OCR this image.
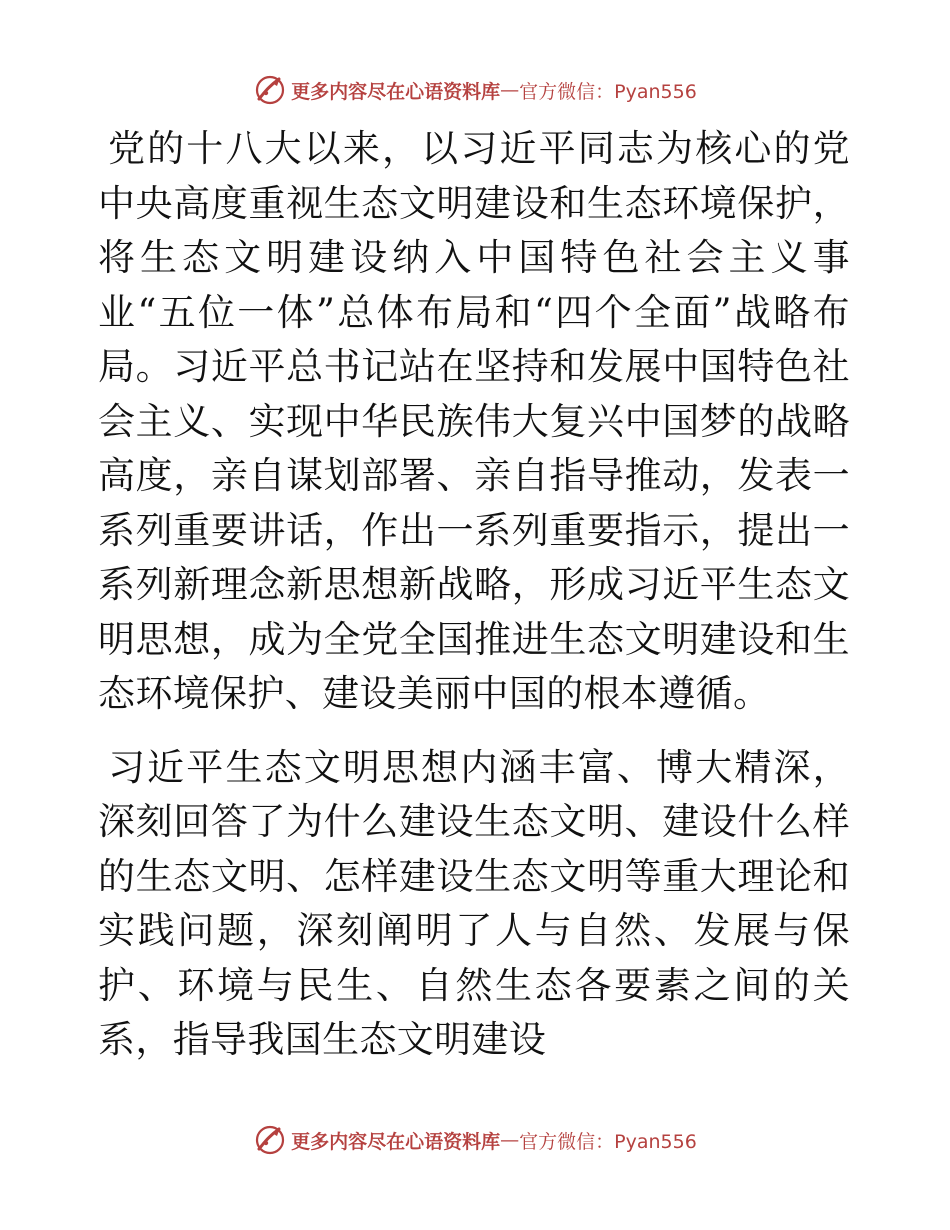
更多内容尽在心语资料库 — 官方微信：Pyan556

党的十八大以来，以习近平同志为核心的党中央高度重视生态文明建设和生态环境保护，将生态文明建设纳入中国特色社会主义事业“五位一体”总体布局和“四个全面”战略布局。习近平总书记站在坚持和发展中国特色社会主义、实现中华民族伟大复兴中国梦的战略高度，亲自谋划部署、亲自指导推动，发表一系列重要讲话，作出一系列重要指示，提出一系列新理念新思想新战略，形成习近平生态文明思想，成为全党全国推进生态文明建设和生态环境保护、建设美丽中国的根本遵循。

习近平生态文明思想内涵丰富、博大精深，深刻回答了为什么建设生态文明、建设什么样的生态文明、怎样建设生态文明等重大理论和实践问题，深刻阐明了人与自然、发展与保护、环境与民生、自然生态各要素之间的关系，指导我国生态文明建设

更多内容尽在心语资料库 — 官方微信：Pyan556
